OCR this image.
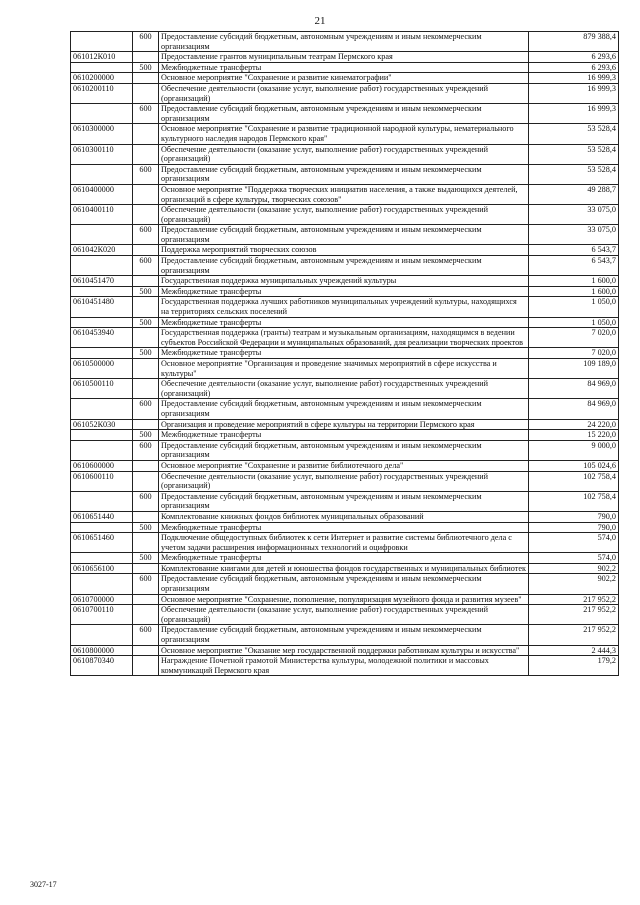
21
	600	Предоставление субсидий бюджетным, автономным учреждениям и иным некоммерческим организациям	879 388,4
061012К010		Предоставление грантов муниципальным театрам Пермского края	6 293,6
	500	Межбюджетные трансферты	6 293,6
0610200000		Основное мероприятие "Сохранение и развитие кинематографии"	16 999,3
0610200110		Обеспечение деятельности (оказание услуг, выполнение работ) государственных учреждений (организаций)	16 999,3
	600	Предоставление субсидий бюджетным, автономным учреждениям и иным некоммерческим организациям	16 999,3
0610300000		Основное мероприятие "Сохранение и развитие традиционной народной культуры, нематериального культурного наследия народов Пермского края"	53 528,4
0610300110		Обеспечение деятельности (оказание услуг, выполнение работ) государственных учреждений (организаций)	53 528,4
	600	Предоставление субсидий бюджетным, автономным учреждениям и иным некоммерческим организациям	53 528,4
0610400000		Основное мероприятие "Поддержка творческих инициатив населения, а также выдающихся деятелей, организаций в сфере культуры, творческих союзов"	49 288,7
0610400110		Обеспечение деятельности (оказание услуг, выполнение работ) государственных учреждений (организаций)	33 075,0
	600	Предоставление субсидий бюджетным, автономным учреждениям и иным некоммерческим организациям	33 075,0
061042К020		Поддержка мероприятий творческих союзов	6 543,7
	600	Предоставление субсидий бюджетным, автономным учреждениям и иным некоммерческим организациям	6 543,7
0610451470		Государственная поддержка муниципальных учреждений культуры	1 600,0
	500	Межбюджетные трансферты	1 600,0
0610451480		Государственная поддержка лучших работников муниципальных учреждений культуры, находящихся на территориях сельских поселений	1 050,0
	500	Межбюджетные трансферты	1 050,0
0610453940		Государственная поддержка (гранты) театрам и музыкальным организациям, находящимся в ведении субъектов Российской Федерации и муниципальных образований, для реализации творческих проектов	7 020,0
	500	Межбюджетные трансферты	7 020,0
0610500000		Основное мероприятие "Организация и проведение значимых мероприятий в сфере искусства и культуры"	109 189,0
0610500110		Обеспечение деятельности (оказание услуг, выполнение работ) государственных учреждений (организаций)	84 969,0
	600	Предоставление субсидий бюджетным, автономным учреждениям и иным некоммерческим организациям	84 969,0
061052К030		Организация и проведение мероприятий в сфере культуры на территории Пермского края	24 220,0
	500	Межбюджетные трансферты	15 220,0
	600	Предоставление субсидий бюджетным, автономным учреждениям и иным некоммерческим организациям	9 000,0
0610600000		Основное мероприятие "Сохранение и развитие библиотечного дела"	105 024,6
0610600110		Обеспечение деятельности (оказание услуг, выполнение работ) государственных учреждений (организаций)	102 758,4
	600	Предоставление субсидий бюджетным, автономным учреждениям и иным некоммерческим организациям	102 758,4
0610651440		Комплектование книжных фондов библиотек муниципальных образований	790,0
	500	Межбюджетные трансферты	790,0
0610651460		Подключение общедоступных библиотек к сети Интернет и развитие системы библиотечного дела с учетом задачи расширения информационных технологий и оцифровки	574,0
	500	Межбюджетные трансферты	574,0
0610656100		Комплектование книгами для детей и юношества фондов государственных и муниципальных библиотек	902,2
	600	Предоставление субсидий бюджетным, автономным учреждениям и иным некоммерческим организациям	902,2
0610700000		Основное мероприятие "Сохранение, пополнение, популяризация музейного фонда и развития музеев"	217 952,2
0610700110		Обеспечение деятельности (оказание услуг, выполнение работ) государственных учреждений (организаций)	217 952,2
	600	Предоставление субсидий бюджетным, автономным учреждениям и иным некоммерческим организациям	217 952,2
0610800000		Основное мероприятие "Оказание мер государственной поддержки работникам культуры и искусства"	2 444,3
0610870340		Награждение Почетной грамотой Министерства культуры, молодежной политики и массовых коммуникаций Пермского края	179,2
3027-17
